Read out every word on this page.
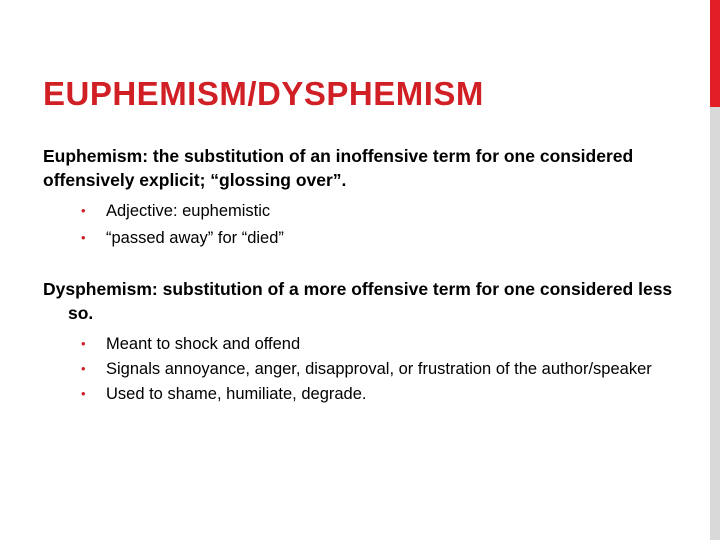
EUPHEMISM/DYSPHEMISM

Euphemism: the substitution of an inoffensive term for one considered offensively explicit; “glossing over”.

• Adjective: euphemistic
• “passed away” for “died”

Dysphemism: substitution of a more offensive term for one considered less so.

• Meant to shock and offend
• Signals annoyance, anger, disapproval, or frustration of the author/speaker
• Used to shame, humiliate, degrade.
